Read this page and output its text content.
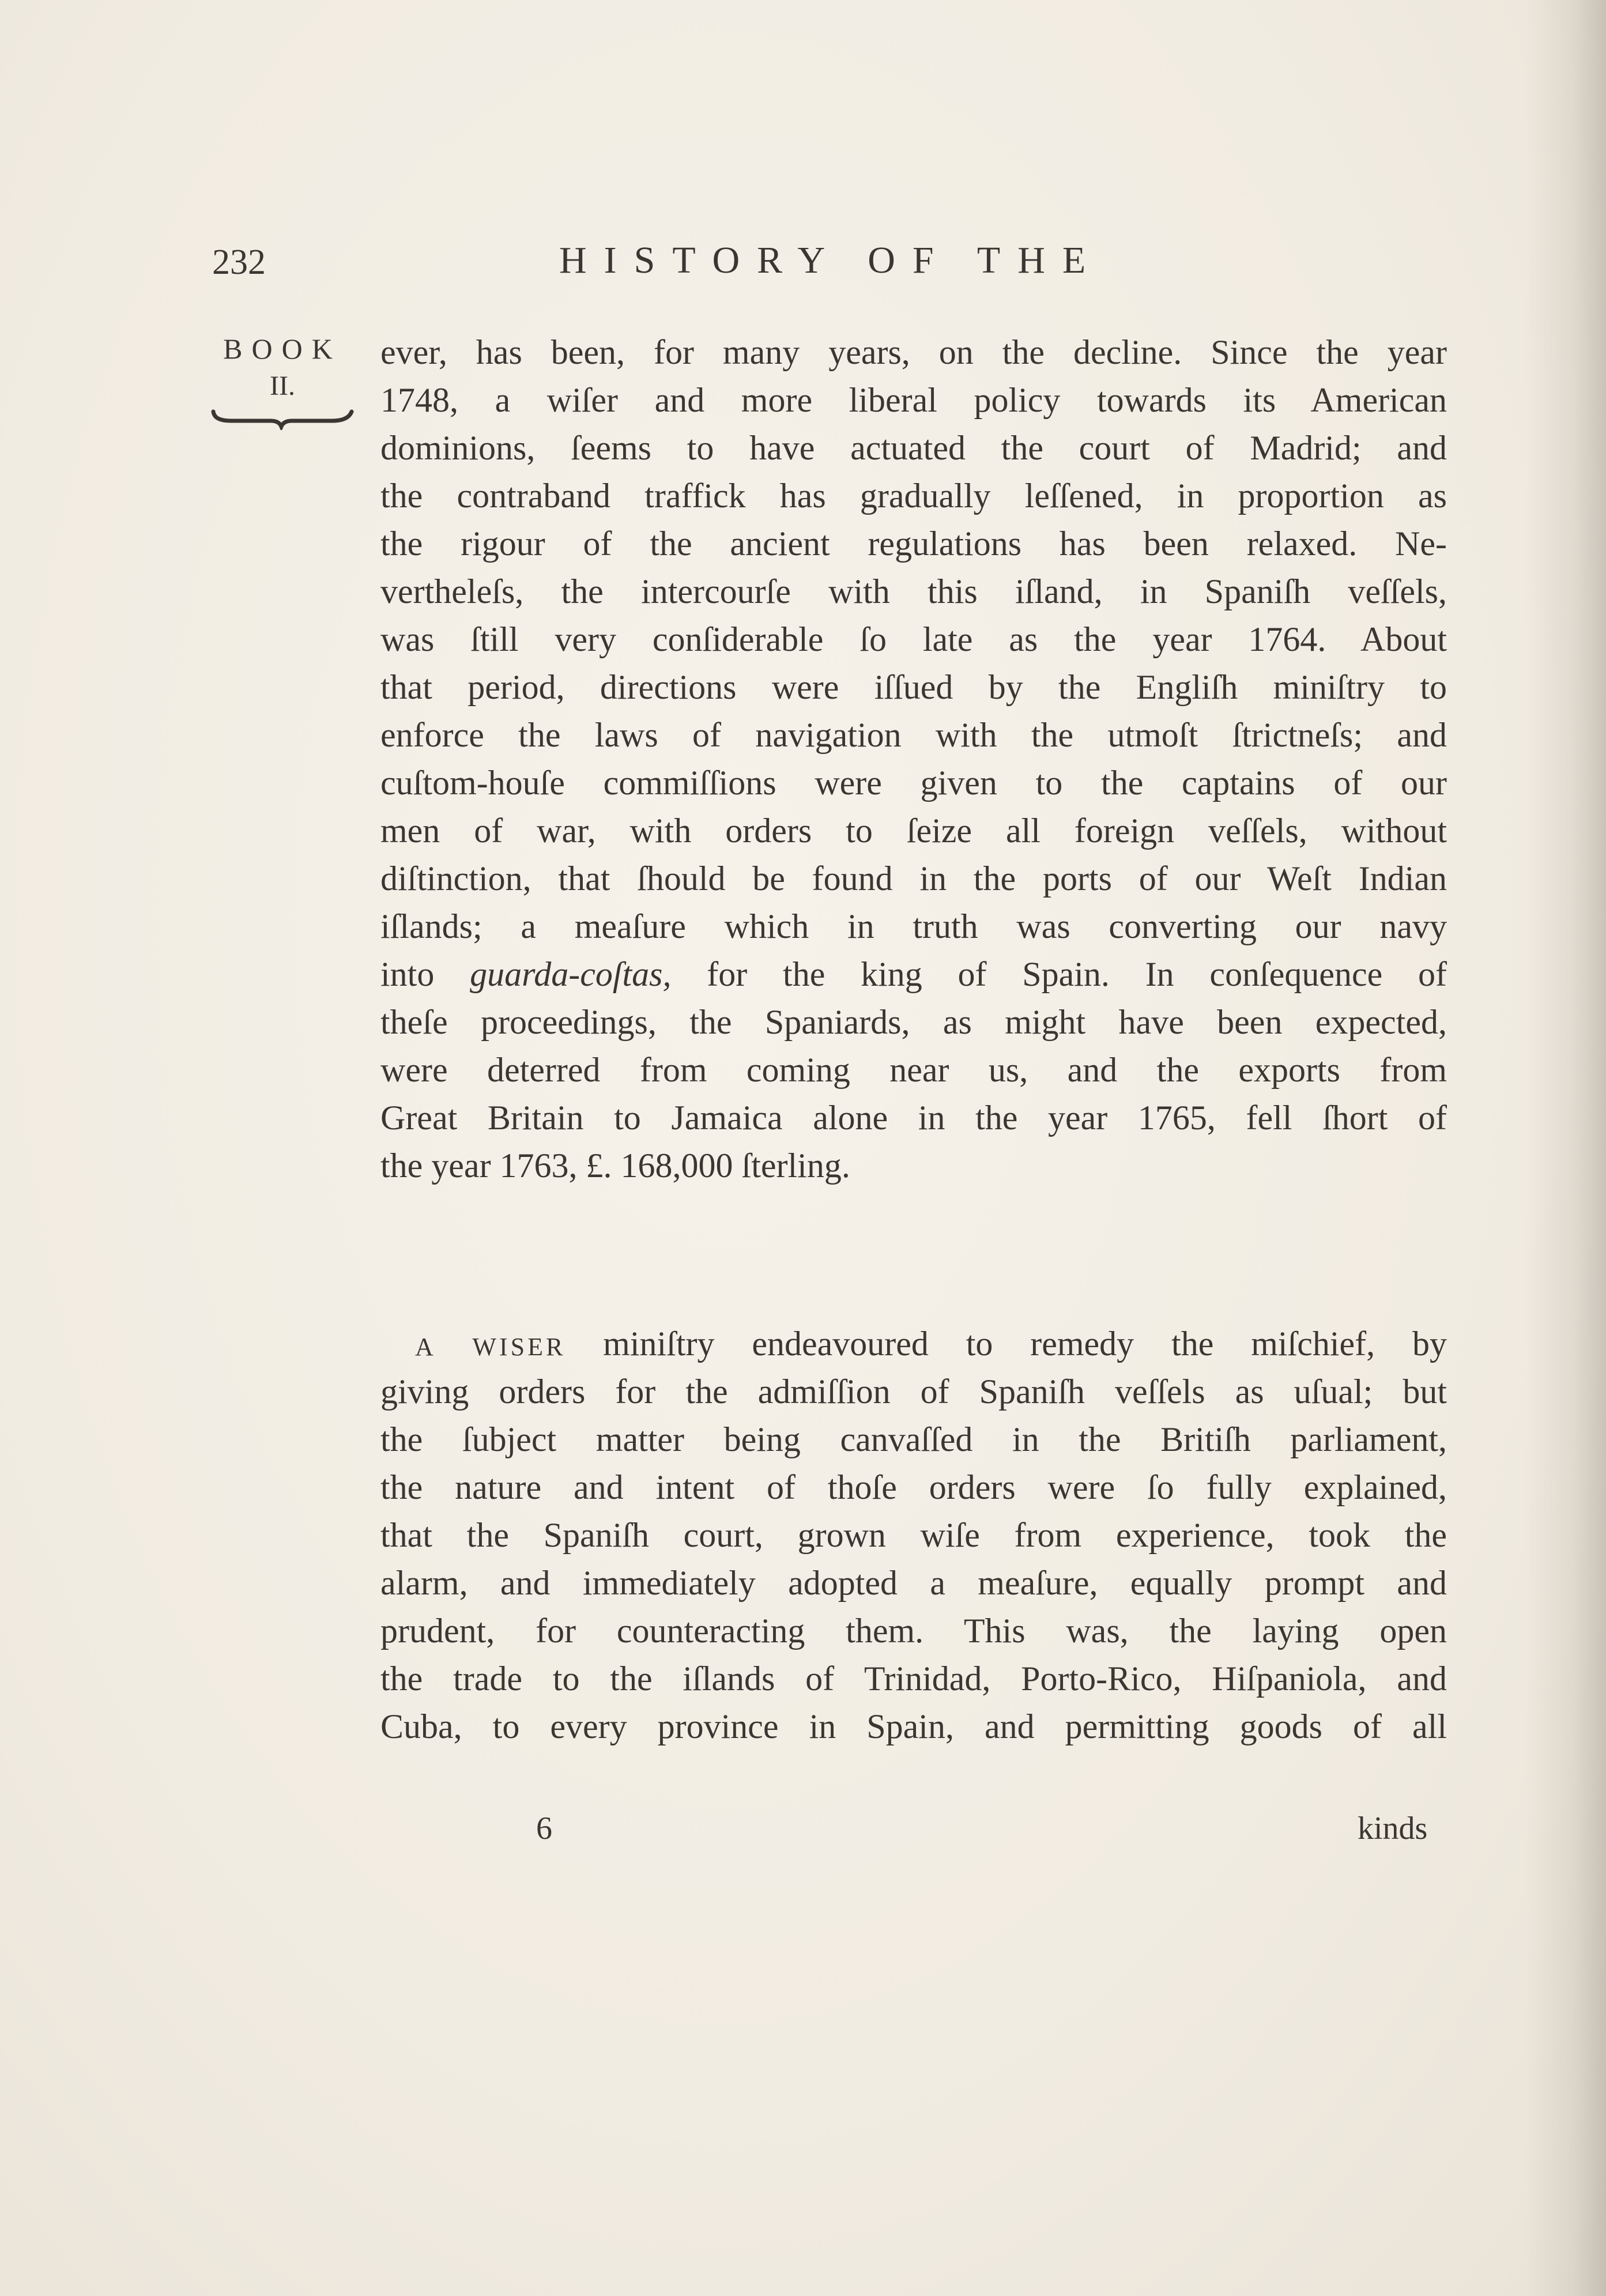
232	HISTORY OF THE
BOOK
II.
ever, has been, for many years, on the decline. Since the year
1748, a wiſer and more liberal policy towards its American
dominions, ſeems to have actuated the court of Madrid; and
the contraband traffick has gradually leſſened, in proportion as
the rigour of the ancient regulations has been relaxed. Ne-
vertheleſs, the intercourſe with this iſland, in Spaniſh veſſels,
was ſtill very conſiderable ſo late as the year 1764. About
that period, directions were iſſued by the Engliſh miniſtry to
enforce the laws of navigation with the utmoſt ſtrictneſs; and
cuſtom-houſe commiſſions were given to the captains of our
men of war, with orders to ſeize all foreign veſſels, without
diſtinction, that ſhould be found in the ports of our Weſt Indian
iſlands; a meaſure which in truth was converting our navy
into guarda-coſtas, for the king of Spain. In conſequence of
theſe proceedings, the Spaniards, as might have been expected,
were deterred from coming near us, and the exports from
Great Britain to Jamaica alone in the year 1765, fell ſhort of
the year 1763, £. 168,000 ſterling.
 A WISER miniſtry endeavoured to remedy the miſchief, by
giving orders for the admiſſion of Spaniſh veſſels as uſual; but
the ſubject matter being canvaſſed in the Britiſh parliament,
the nature and intent of thoſe orders were ſo fully explained,
that the Spaniſh court, grown wiſe from experience, took the
alarm, and immediately adopted a meaſure, equally prompt and
prudent, for counteracting them. This was, the laying open
the trade to the iſlands of Trinidad, Porto-Rico, Hiſpaniola, and
Cuba, to every province in Spain, and permitting goods of all
6	kinds
